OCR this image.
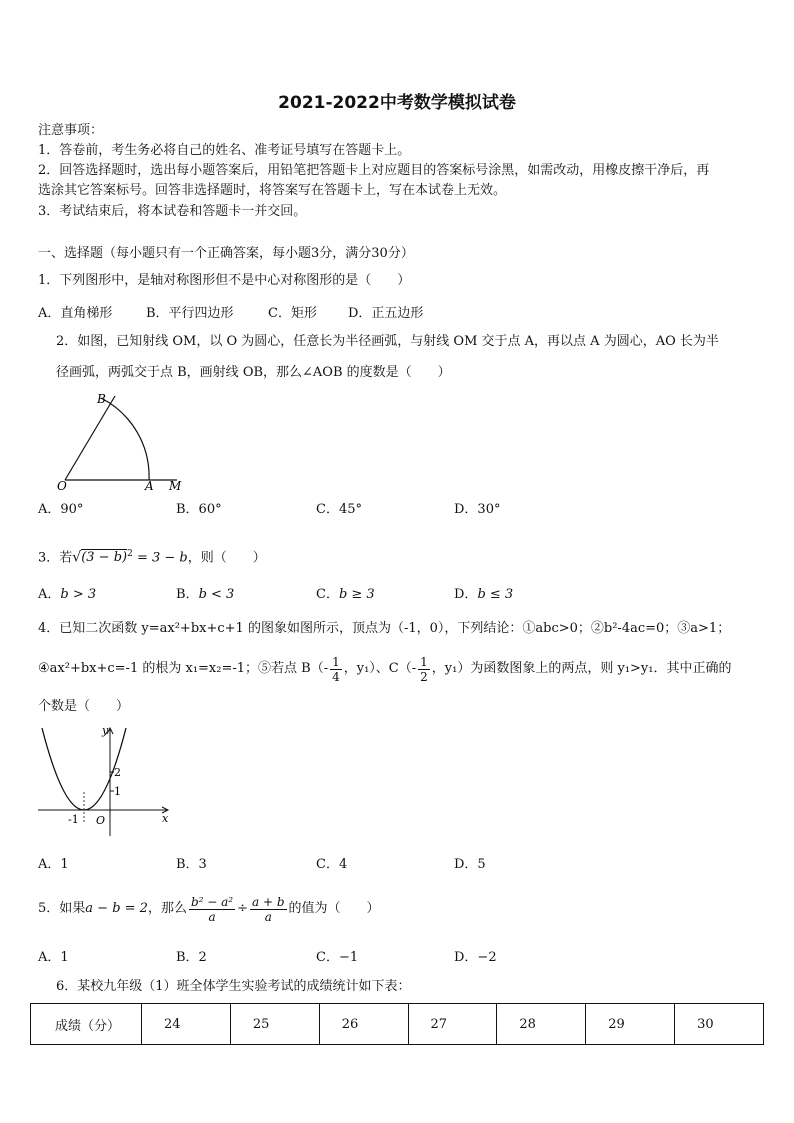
2021-2022中考数学模拟试卷
注意事项：
1．答卷前，考生务必将自己的姓名、准考证号填写在答题卡上。
2．回答选择题时，选出每小题答案后，用铅笔把答题卡上对应题目的答案标号涂黑，如需改动，用橡皮擦干净后，再
选涂其它答案标号。回答非选择题时，将答案写在答题卡上，写在本试卷上无效。
3．考试结束后，将本试卷和答题卡一并交回。
一、选择题（每小题只有一个正确答案，每小题3分，满分30分）
1．下列图形中，是轴对称图形但不是中心对称图形的是（　　）
A．直角梯形	B．平行四边形	C．矩形 D．正五边形
2．如图，已知射线 OM，以 O 为圆心，任意长为半径画弧，与射线 OM 交于点 A，再以点 A 为圆心，AO 长为半
径画弧，两弧交于点 B，画射线 OB，那么∠AOB 的度数是（　　）
B
O	A M
A．90°	B．60°	C．45°	D．30°
3．若$√(3 - b)^2 = 3 - b$，则（　　）
A．b > 3	B．b < 3	C．b ≥ 3	D．b ≤ 3
4．已知二次函数 y=ax²+bx+c+1 的图象如图所示，顶点为（-1，0），下列结论：①abc>0；②b²-4ac=0；③a>1；
④ax²+bx+c=-1 的根为 x₁=x₂=-1；⑤若点 $B(- \frac{1}{4}$ ，y₁）、$C(- \frac{1}{2}$ ，y₁）为函数图象上的两点，则 y₁>y₁．其中正确的
个数是（　　）
y
x
2
1
-1 O
A．1	B．3	C．4	D．5
5．如果 a − b = 2 ，那么 $\frac{\text{b² − a²}}{a} \div \frac{a + b}{a}$ 的值为（　　）
A．1	B．2	C．−1	D．−2
6．某校九年级（1）班全体学生实验考试的成绩统计如下表：
成绩（分）	24	25	26	27	28	29	30
